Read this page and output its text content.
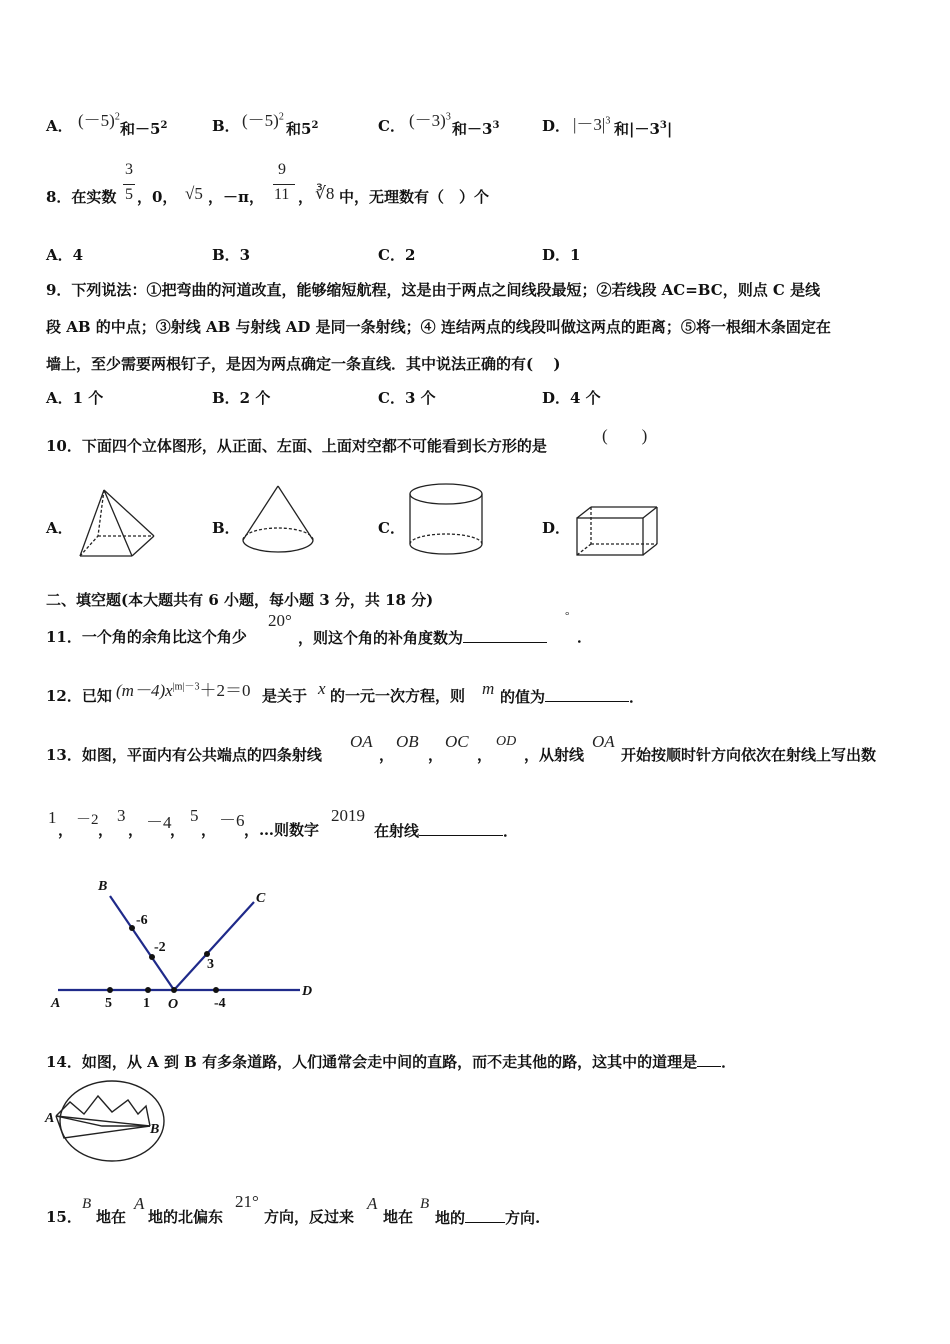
A． $(-5)^2$
和$-5^2$	B． $(-5)^2$
和$5^2$	C． $(-3)^3$
和$-3^3$	D． $|-3|^3$ 和$|-3^3|$
8．在实数
3
5 ，0， √5 ，－π，
9
11 ， ∛8 中，无理数有（　）个
A．4	B．3	C．2	D．1
9．下列说法：①把弯曲的河道改直，能够缩短航程，这是由于两点之间线段最短；②若线段 AC=BC，则点 C 是线
段 AB 的中点；③射线 AB 与射线 AD 是同一条射线；④ 连结两点的线段叫做这两点的距离；⑤将一根细木条固定在
墙上，至少需要两根钉子，是因为两点确定一条直线．其中说法正确的有(　 )
A．1 个	B．2 个	C．3 个	D．4 个
10．下面四个立体图形，从正面、左面、上面对空都不可能看到长方形的是
(　　)
A．	B．	C．	D．
二、填空题(本大题共有 6 小题，每小题 3 分，共 18 分)
11．一个角的余角比这个角少
20°
，则这个角的补角度数为
°
．
12．已知 $(m-4)x^{|m|-3}+2=0$ 是关于 x 的一元一次方程，则 m 的值为	．
13．如图，平面内有公共端点的四条射线
OA
，
OB
，
OC
，
OD
，从射线
OA
开始按顺时针方向依次在射线上写出数
1
，
－2
，
3
， －4
，
5
， －6 ，…则数字
2019
在射线	．
A
B
C
D
O
5 1	-4
-6
-2
3
14．如图，从 A 到 B 有多条道路，人们通常会走中间的直路，而不走其他的路，这其中的道理是 ．
A
B
15．
B
地在
A
地的北偏东
21°
方向，反过来
A
地在
B
地的	方向.
